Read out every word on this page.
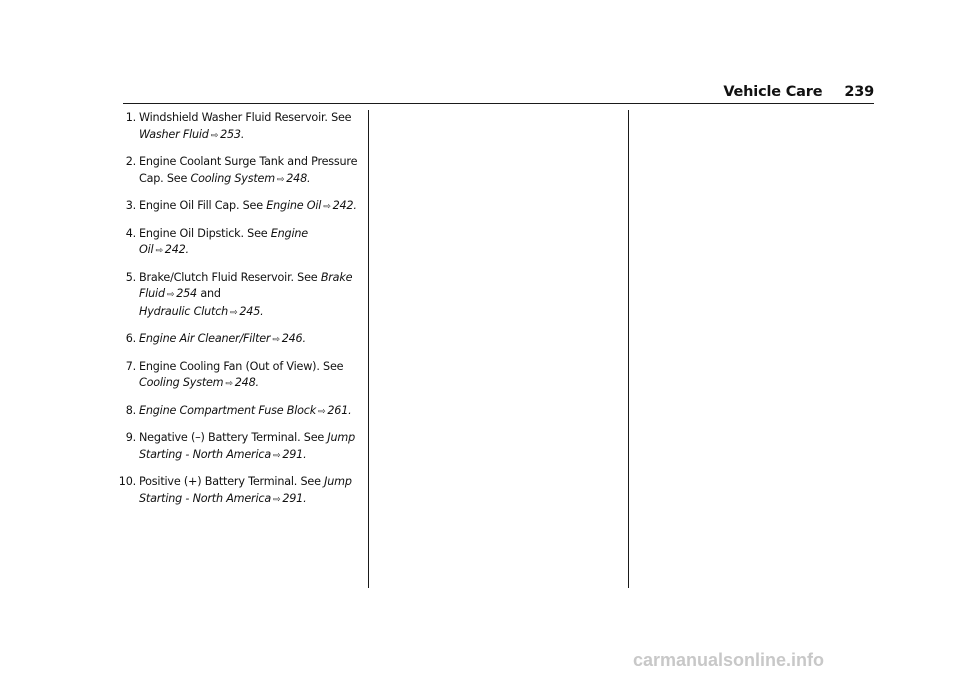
Vehicle Care 239
1. Windshield Washer Fluid Reservoir. See Washer Fluid ⇨ 253.
2. Engine Coolant Surge Tank and Pressure Cap. See Cooling System ⇨ 248.
3. Engine Oil Fill Cap. See Engine Oil ⇨ 242.
4. Engine Oil Dipstick. See Engine Oil ⇨ 242.
5. Brake/Clutch Fluid Reservoir. See Brake Fluid ⇨ 254 and
Hydraulic Clutch ⇨ 245.
6. Engine Air Cleaner/Filter ⇨ 246.
7. Engine Cooling Fan (Out of View). See Cooling System ⇨ 248.
8. Engine Compartment Fuse Block ⇨ 261.
9. Negative (–) Battery Terminal. See Jump Starting - North America ⇨ 291.
10. Positive (+) Battery Terminal. See Jump Starting - North America ⇨ 291.
carmanualsonline.info
